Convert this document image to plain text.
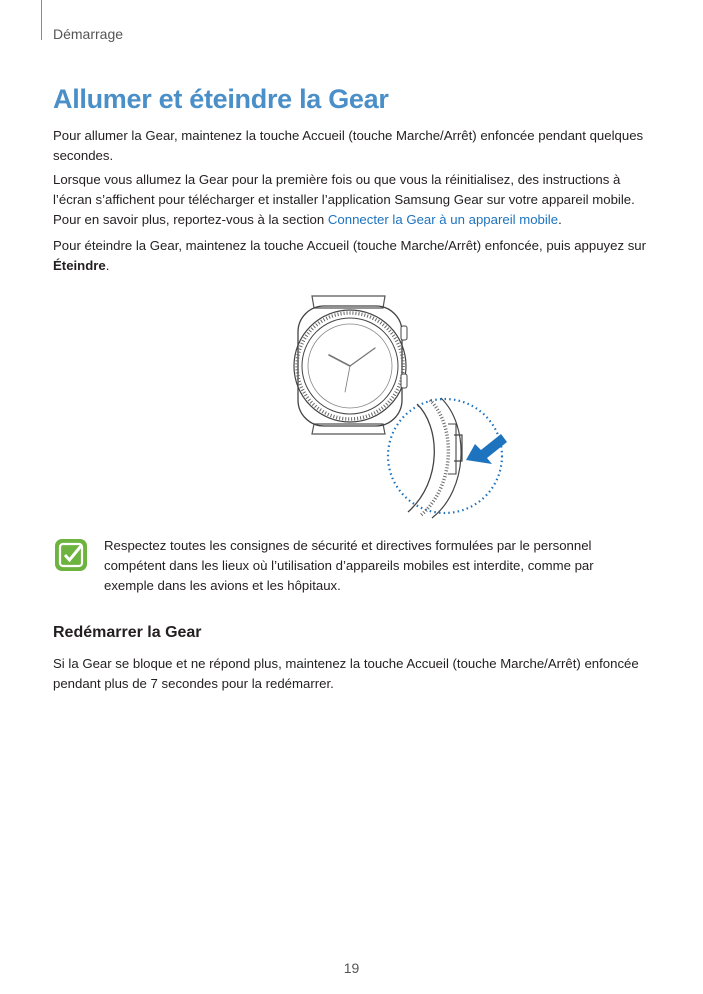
Démarrage
Allumer et éteindre la Gear

Pour allumer la Gear, maintenez la touche Accueil (touche Marche/Arrêt) enfoncée pendant quelques secondes.

Lorsque vous allumez la Gear pour la première fois ou que vous la réinitialisez, des instructions à l’écran s’affichent pour télécharger et installer l’application Samsung Gear sur votre appareil mobile. Pour en savoir plus, reportez-vous à la section Connecter la Gear à un appareil mobile.

Pour éteindre la Gear, maintenez la touche Accueil (touche Marche/Arrêt) enfoncée, puis appuyez sur Éteindre.

Respectez toutes les consignes de sécurité et directives formulées par le personnel compétent dans les lieux où l’utilisation d’appareils mobiles est interdite, comme par exemple dans les avions et les hôpitaux.

Redémarrer la Gear

Si la Gear se bloque et ne répond plus, maintenez la touche Accueil (touche Marche/Arrêt) enfoncée pendant plus de 7 secondes pour la redémarrer.

19
